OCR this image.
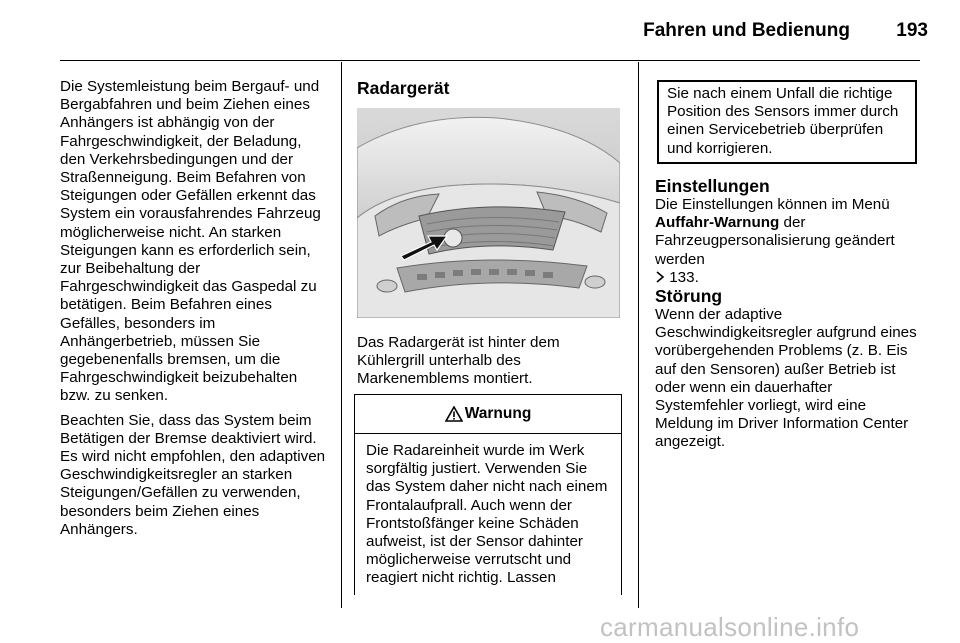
Fahren und Bedienung	193

Die Systemleistung beim Bergauf- und Bergabfahren und beim Ziehen eines Anhängers ist abhängig von der Fahrgeschwindigkeit, der Beladung, den Verkehrsbedingungen und der Straßenneigung. Beim Befahren von Steigungen oder Gefällen erkennt das System ein vorausfahrendes Fahrzeug möglicherweise nicht. An starken Steigungen kann es erforderlich sein, zur Beibehaltung der Fahrgeschwindigkeit das Gaspedal zu betätigen. Beim Befahren eines Gefälles, besonders im Anhängerbetrieb, müssen Sie gegebenenfalls bremsen, um die Fahrgeschwindigkeit beizubehalten bzw. zu senken.

Beachten Sie, dass das System beim Betätigen der Bremse deaktiviert wird. Es wird nicht empfohlen, den adaptiven Geschwindigkeitsregler an starken Steigungen/Gefällen zu verwenden, besonders beim Ziehen eines Anhängers.

Radargerät
Das Radargerät ist hinter dem Kühlergrill unterhalb des Markenemblems montiert.
Warnung
Die Radareinheit wurde im Werk sorgfältig justiert. Verwenden Sie das System daher nicht nach einem Frontalaufprall. Auch wenn der Frontstoßfänger keine Schäden aufweist, ist der Sensor dahinter möglicherweise verrutscht und reagiert nicht richtig. Lassen
Sie nach einem Unfall die richtige Position des Sensors immer durch einen Servicebetrieb überprüfen und korrigieren.
Einstellungen
Die Einstellungen können im Menü Auffahr-Warnung der Fahrzeugpersonalisierung geändert werden
133.
Störung
Wenn der adaptive Geschwindigkeitsregler aufgrund eines vorübergehenden Problems (z. B. Eis auf den Sensoren) außer Betrieb ist oder wenn ein dauerhafter Systemfehler vorliegt, wird eine Meldung im Driver Information Center angezeigt.
carmanualsonline.info
